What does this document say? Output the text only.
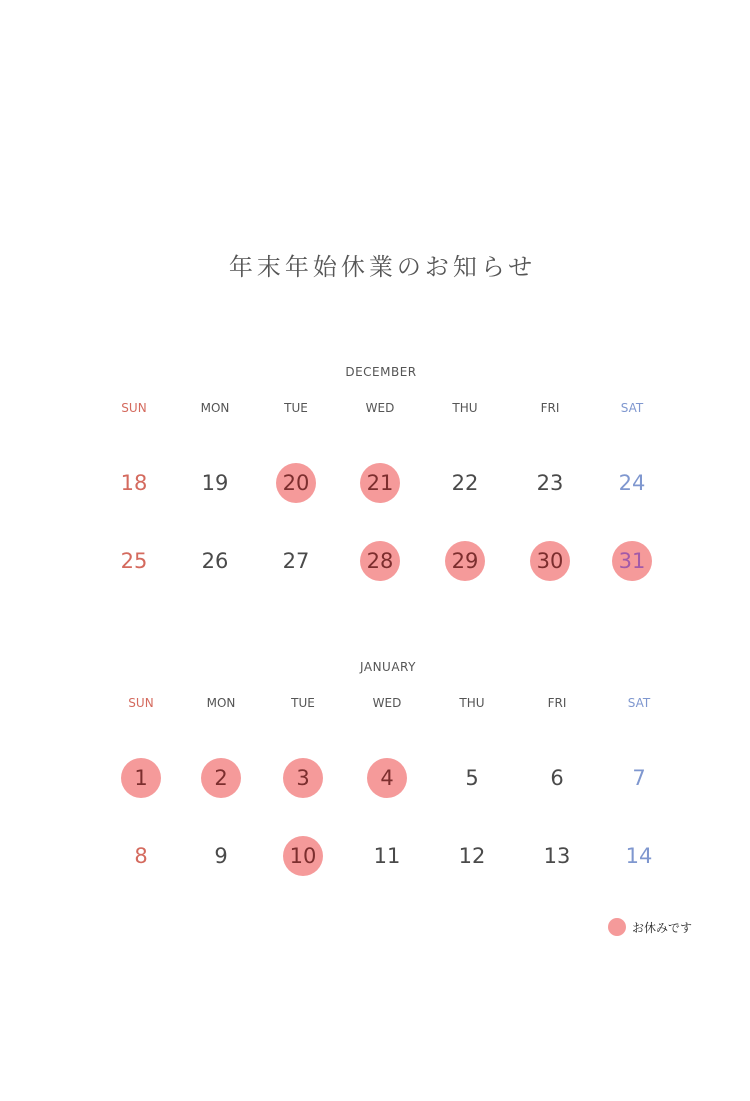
年末年始休業のお知らせ
DECEMBER
SUN	MON	TUE	WED	THU	FRI	SAT
18	19	20	21	22	23	24
25	26	27	28	29	30	31
JANUARY
SUN	MON	TUE	WED	THU	FRI	SAT
1	2	3	4	5	6	7
8	9	10	11	12	13	14
お休みです
